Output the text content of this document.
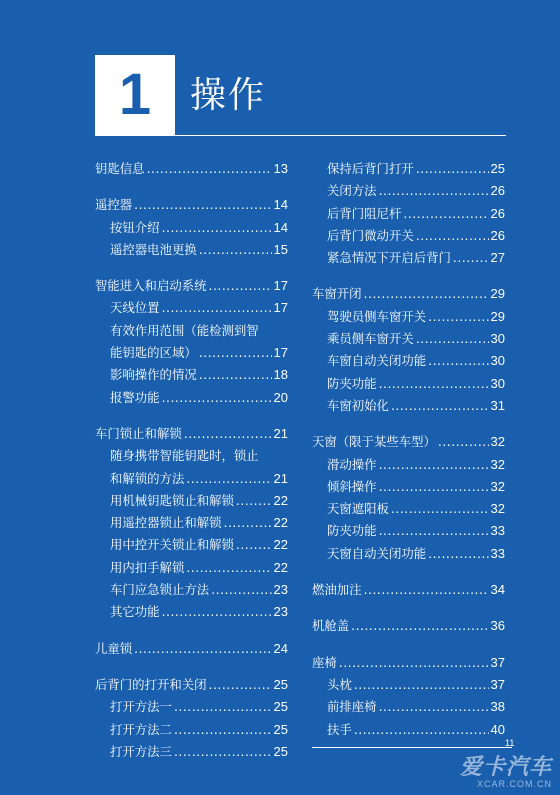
1 操作
钥匙信息 .....	13
遥控器 .....	14
按钮介绍 .....	14
遥控器电池更换 .....	15
智能进入和启动系统 .....	17
天线位置 .....	17
有效作用范围（能检测到智
能钥匙的区域） .....	17
影响操作的情况 .....	18
报警功能 .....	20
车门锁止和解锁 .....	21
随身携带智能钥匙时，锁止
和解锁的方法 .....	21
用机械钥匙锁止和解锁 .....	22
用遥控器锁止和解锁 .....	22
用中控开关锁止和解锁 .....	22
用内扣手解锁 .....	22
车门应急锁止方法 .....	23
其它功能 .....	23
儿童锁 .....	24
后背门的打开和关闭 .....	25
打开方法一 .....	25
打开方法二 .....	25
打开方法三 .....	25
保持后背门打开 .....	25
关闭方法 .....	26
后背门阻尼杆 .....	26
后背门微动开关 .....	26
紧急情况下开启后背门 .....	27
车窗开闭 .....	29
驾驶员侧车窗开关 .....	29
乘员侧车窗开关 .....	30
车窗自动关闭功能 .....	30
防夹功能 .....	30
车窗初始化 .....	31
天窗（限于某些车型） .....	32
滑动操作 .....	32
倾斜操作 .....	32
天窗遮阳板 .....	32
防夹功能 .....	33
天窗自动关闭功能 .....	33
燃油加注 .....	34
机舱盖 .....	36
座椅 .....	37
头枕 .....	37
前排座椅 .....	38
扶手 .....	40
11
爱卡汽车
XCAR.COM.CN
